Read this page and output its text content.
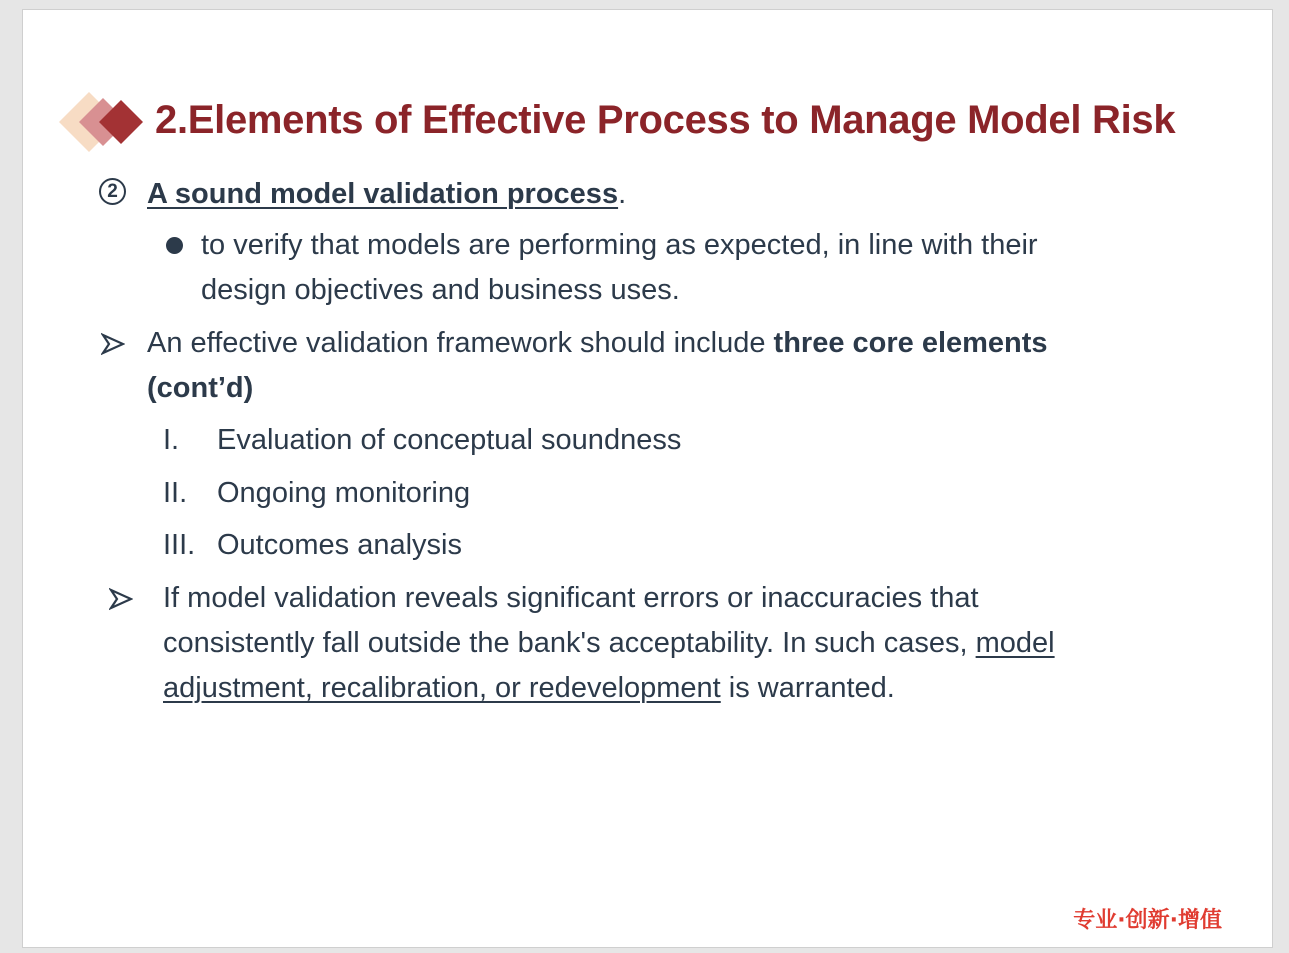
2.Elements of Effective Process to Manage Model Risk
2 A sound model validation process.
to verify that models are performing as expected, in line with their
design objectives and business uses.
An effective validation framework should include three core elements
(cont’d)
I. Evaluation of conceptual soundness
II. Ongoing monitoring
III. Outcomes analysis
If model validation reveals significant errors or inaccuracies that
consistently fall outside the bank's acceptability. In such cases, model
adjustment, recalibration, or redevelopment is warranted.
专业·创新·增值
